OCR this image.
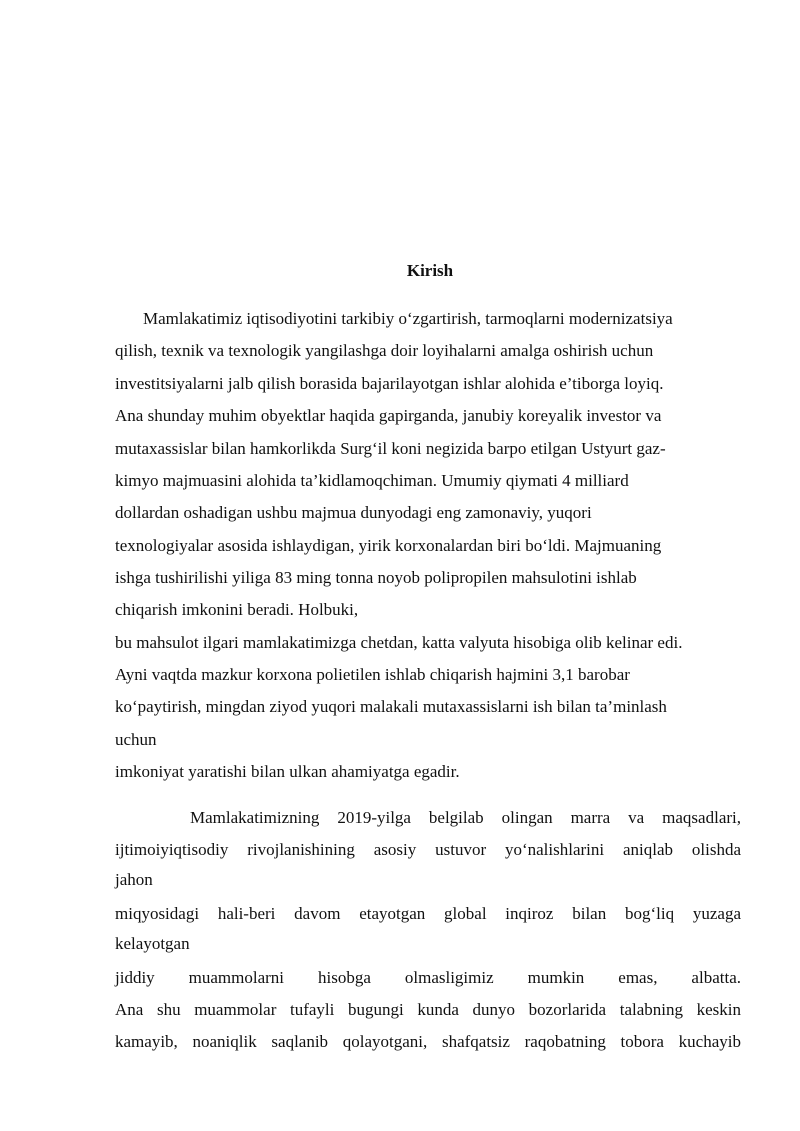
Kirish
Mamlakatimiz iqtisodiyotini tarkibiy o‘zgartirish, tarmoqlarni modernizatsiya
qilish, texnik va texnologik yangilashga doir loyihalarni amalga oshirish uchun
investitsiyalarni jalb qilish borasida bajarilayotgan ishlar alohida e’tiborga loyiq.
Ana shunday muhim obyektlar haqida gapirganda, janubiy koreyalik investor va
mutaxassislar bilan hamkorlikda Surg‘il koni negizida barpo etilgan Ustyurt gaz-
kimyo majmuasini alohida ta’kidlamoqchiman. Umumiy qiymati 4 milliard
dollardan oshadigan ushbu majmua dunyodagi eng zamonaviy, yuqori
texnologiyalar asosida ishlaydigan, yirik korxonalardan biri bo‘ldi. Majmuaning
ishga tushirilishi yiliga 83 ming tonna noyob polipropilen mahsulotini ishlab
chiqarish imkonini beradi. Holbuki,
bu mahsulot ilgari mamlakatimizga chetdan, katta valyuta hisobiga olib kelinar edi.
Ayni vaqtda mazkur korxona polietilen ishlab chiqarish hajmini 3,1 barobar
ko‘paytirish, mingdan ziyod yuqori malakali mutaxassislarni ish bilan ta’minlash
uchun
imkoniyat yaratishi bilan ulkan ahamiyatga egadir.
Mamlakatimizning 2019-yilga belgilab olingan marra va maqsadlari,
ijtimoiyiqtisodiy rivojlanishining asosiy ustuvor yo‘nalishlarini aniqlab olishda
jahon
miqyosidagi hali-beri davom etayotgan global inqiroz bilan bog‘liq yuzaga
kelayotgan
jiddiy muammolarni hisobga olmasligimiz mumkin emas, albatta.
Ana shu muammolar tufayli bugungi kunda dunyo bozorlarida talabning keskin
kamayib, noaniqlik saqlanib qolayotgani, shafqatsiz raqobatning tobora kuchayib
